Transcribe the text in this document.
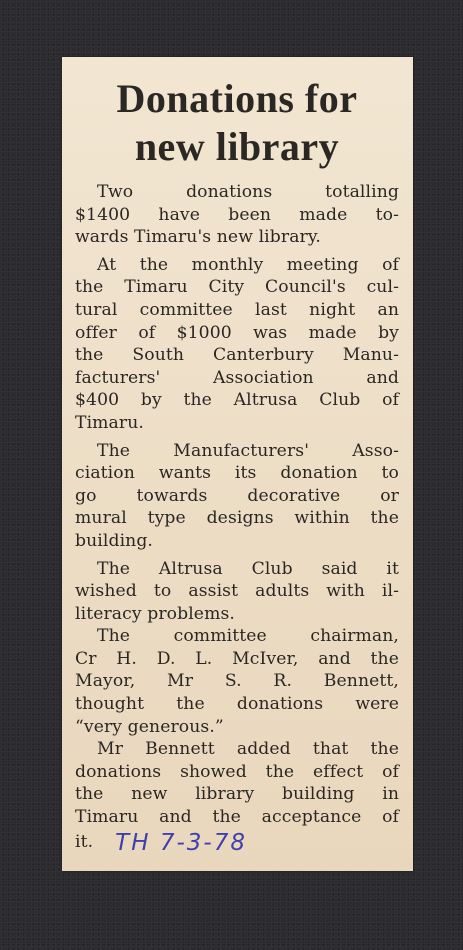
Donations for
new library

Two donations totalling
$1400 have been made to-
wards Timaru's new library.

At the monthly meeting of
the Timaru City Council's cul-
tural committee last night an
offer of $1000 was made by
the South Canterbury Manu-
facturers' Association and
$400 by the Altrusa Club of
Timaru.

The Manufacturers' Asso-
ciation wants its donation to
go towards decorative or
mural type designs within the
building.

The Altrusa Club said it
wished to assist adults with il-
literacy problems.

The committee chairman,
Cr H. D. L. McIver, and the
Mayor, Mr S. R. Bennett,
thought the donations were
“very generous.”

Mr Bennett added that the
donations showed the effect of
the new library building in
Timaru and the acceptance of
it. TH 7-3-78
